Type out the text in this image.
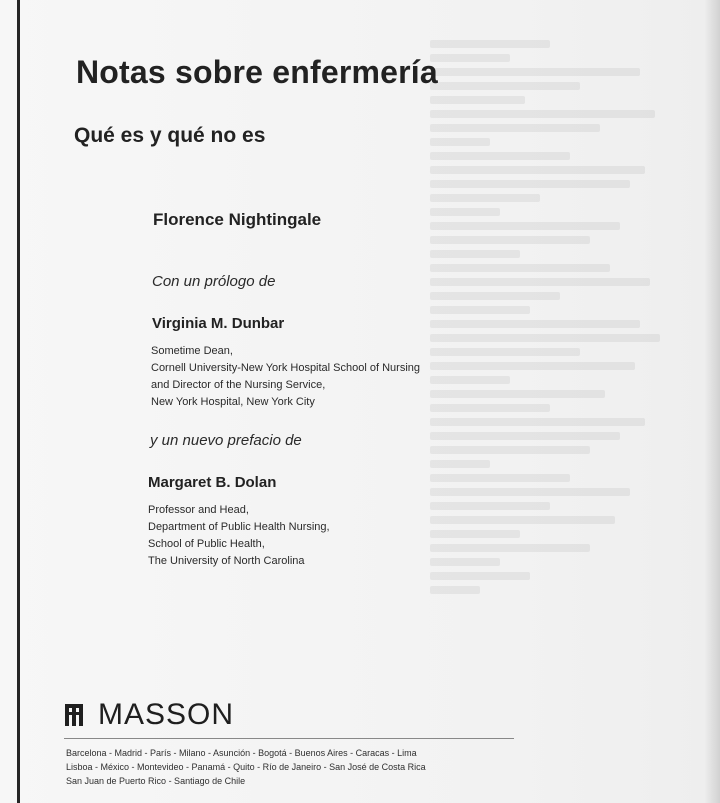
Notas sobre enfermería
Qué es y qué no es
Florence Nightingale
Con un prólogo de
Virginia M. Dunbar
Sometime Dean,
Cornell University-New York Hospital School of Nursing
and Director of the Nursing Service,
New York Hospital, New York City
y un nuevo prefacio de
Margaret B. Dolan
Professor and Head,
Department of Public Health Nursing,
School of Public Health,
The University of North Carolina
MASSON
Barcelona - Madrid - París - Milano - Asunción - Bogotá - Buenos Aires - Caracas - Lima
Lisboa - México - Montevideo - Panamá - Quito - Río de Janeiro - San José de Costa Rica
San Juan de Puerto Rico - Santiago de Chile
